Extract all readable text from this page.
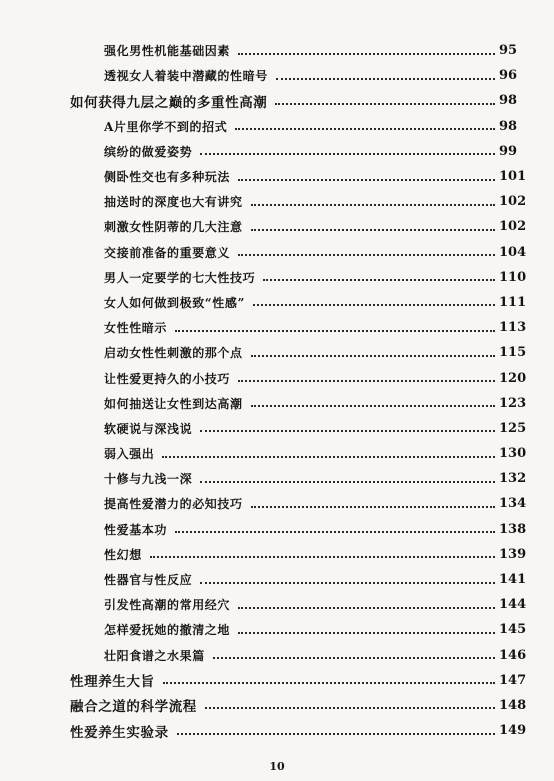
强化男性机能基础因素	95
透视女人着装中潜藏的性暗号	96
如何获得九层之巅的多重性高潮	98
A片里你学不到的招式	98
缤纷的做爱姿势	99
侧卧性交也有多种玩法	101
抽送时的深度也大有讲究	102
刺激女性阴蒂的几大注意	102
交接前准备的重要意义	104
男人一定要学的七大性技巧	110
女人如何做到极致“性感”	111
女性性暗示	113
启动女性性刺激的那个点	115
让性爱更持久的小技巧	120
如何抽送让女性到达高潮	123
软硬说与深浅说	125
弱入强出	130
十修与九浅一深	132
提高性爱潜力的必知技巧	134
性爱基本功	138
性幻想	139
性器官与性反应	141
引发性高潮的常用经穴	144
怎样爱抚她的撤清之地	145
壮阳食谱之水果篇	146
性理养生大旨	147
融合之道的科学流程	148
性爱养生实验录	149
10
